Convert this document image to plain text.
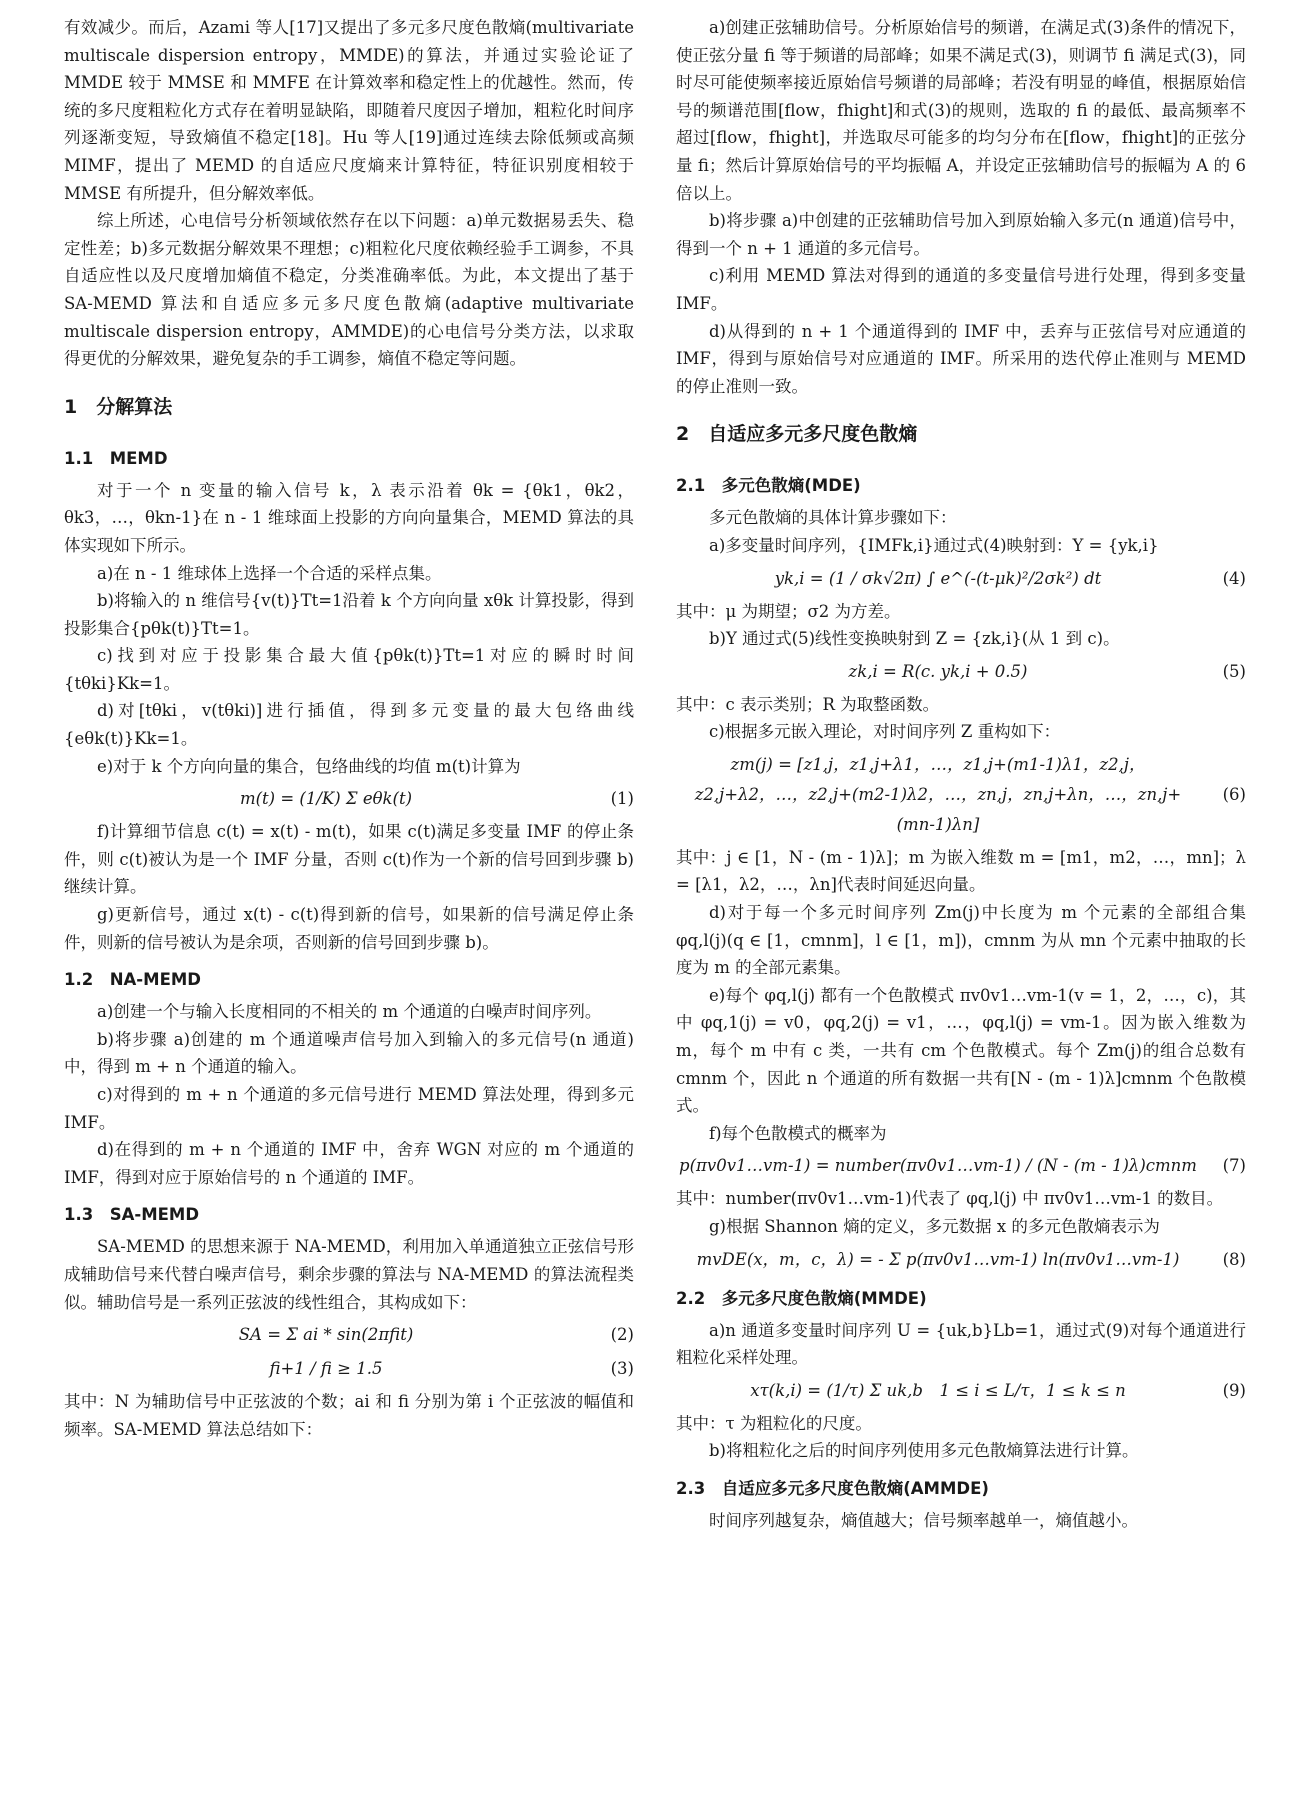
有效减少。而后，Azami 等人[17]又提出了多元多尺度色散熵(multivariate multiscale dispersion entropy，MMDE)的算法，并通过实验论证了 MMDE 较于 MMSE 和 MMFE 在计算效率和稳定性上的优越性。然而，传统的多尺度粗粒化方式存在着明显缺陷，即随着尺度因子增加，粗粒化时间序列逐渐变短，导致熵值不稳定[18]。Hu 等人[19]通过连续去除低频或高频 MIMF，提出了 MEMD 的自适应尺度熵来计算特征，特征识别度相较于 MMSE 有所提升，但分解效率低。

综上所述，心电信号分析领域依然存在以下问题：a)单元数据易丢失、稳定性差；b)多元数据分解效果不理想；c)粗粒化尺度依赖经验手工调参，不具自适应性以及尺度增加熵值不稳定，分类准确率低。为此，本文提出了基于 SA-MEMD 算法和自适应多元多尺度色散熵(adaptive multivariate multiscale dispersion entropy，AMMDE)的心电信号分类方法，以求取得更优的分解效果，避免复杂的手工调参，熵值不稳定等问题。

1　分解算法
1.1　MEMD

对于一个 n 变量的输入信号 k，λ 表示沿着 θk = {θk1，θk2，θk3，…，θkn-1}在 n - 1 维球面上投影的方向向量集合，MEMD 算法的具体实现如下所示。

a)在 n - 1 维球体上选择一个合适的采样点集。

b)将输入的 n 维信号{v(t)}Tt=1沿着 k 个方向向量 xθk 计算投影，得到投影集合{pθk(t)}Tt=1。

c)找到对应于投影集合最大值{pθk(t)}Tt=1对应的瞬时时间{tθki}Kk=1。

d)对[tθki，v(tθki)]进行插值，得到多元变量的最大包络曲线{eθk(t)}Kk=1。

e)对于 k 个方向向量的集合，包络曲线的均值 m(t)计算为

m(t) = (1/K) Σ eθk(t)	(1)

f)计算细节信息 c(t) = x(t) - m(t)，如果 c(t)满足多变量 IMF 的停止条件，则 c(t)被认为是一个 IMF 分量，否则 c(t)作为一个新的信号回到步骤 b)继续计算。

g)更新信号，通过 x(t) - c(t)得到新的信号，如果新的信号满足停止条件，则新的信号被认为是余项，否则新的信号回到步骤 b)。

1.2　NA-MEMD

a)创建一个与输入长度相同的不相关的 m 个通道的白噪声时间序列。

b)将步骤 a)创建的 m 个通道噪声信号加入到输入的多元信号(n 通道)中，得到 m + n 个通道的输入。

c)对得到的 m + n 个通道的多元信号进行 MEMD 算法处理，得到多元 IMF。

d)在得到的 m + n 个通道的 IMF 中，舍弃 WGN 对应的 m 个通道的 IMF，得到对应于原始信号的 n 个通道的 IMF。

1.3　SA-MEMD

SA-MEMD 的思想来源于 NA-MEMD，利用加入单通道独立正弦信号形成辅助信号来代替白噪声信号，剩余步骤的算法与 NA-MEMD 的算法流程类似。辅助信号是一系列正弦波的线性组合，其构成如下：

SA = Σ ai * sin(2πfit)	(2)
fi+1 / fi ≥ 1.5	(3)

其中：N 为辅助信号中正弦波的个数；ai 和 fi 分别为第 i 个正弦波的幅值和频率。SA-MEMD 算法总结如下：

a)创建正弦辅助信号。分析原始信号的频谱，在满足式(3)条件的情况下，使正弦分量 fi 等于频谱的局部峰；如果不满足式(3)，则调节 fi 满足式(3)，同时尽可能使频率接近原始信号频谱的局部峰；若没有明显的峰值，根据原始信号的频谱范围[flow，fhight]和式(3)的规则，选取的 fi 的最低、最高频率不超过[flow，fhight]，并选取尽可能多的均匀分布在[flow，fhight]的正弦分量 fi；然后计算原始信号的平均振幅 A，并设定正弦辅助信号的振幅为 A 的 6 倍以上。

b)将步骤 a)中创建的正弦辅助信号加入到原始输入多元(n 通道)信号中，得到一个 n + 1 通道的多元信号。

c)利用 MEMD 算法对得到的通道的多变量信号进行处理，得到多变量 IMF。

d)从得到的 n + 1 个通道得到的 IMF 中，丢弃与正弦信号对应通道的 IMF，得到与原始信号对应通道的 IMF。所采用的迭代停止准则与 MEMD 的停止准则一致。

2　自适应多元多尺度色散熵
2.1　多元色散熵(MDE)

多元色散熵的具体计算步骤如下：

a)多变量时间序列，{IMFk,i}通过式(4)映射到：Y = {yk,i}

yk,i = (1 / σk√2π) ∫ e^(-(t-μk)²/2σk²) dt	(4)

其中：μ 为期望；σ2 为方差。

b)Y 通过式(5)线性变换映射到 Z = {zk,i}(从 1 到 c)。

zk,i = R(c. yk,i + 0.5)	(5)

其中：c 表示类别；R 为取整函数。

c)根据多元嵌入理论，对时间序列 Z 重构如下：

zm(j) = [z1,j，z1,j+λ1，…，z1,j+(m1-1)λ1，z2,j，z2,j+λ2，…，z2,j+(m2-1)λ2，…，zn,j，zn,j+λn，…，zn,j+(mn-1)λn]
(6)

其中：j ∈ [1，N - (m - 1)λ]；m 为嵌入维数 m = [m1，m2，…，mn]；λ = [λ1，λ2，…，λn]代表时间延迟向量。

d)对于每一个多元时间序列 Zm(j)中长度为 m 个元素的全部组合集 φq,l(j)(q ∈ [1，cmnm]，l ∈ [1，m])，cmnm 为从 mn 个元素中抽取的长度为 m 的全部元素集。

e)每个 φq,l(j) 都有一个色散模式 πv0v1…vm-1(v = 1，2，…，c)，其中 φq,1(j) = v0，φq,2(j) = v1，…，φq,l(j) = vm-1。因为嵌入维数为 m，每个 m 中有 c 类，一共有 cm 个色散模式。每个 Zm(j)的组合总数有 cmnm 个，因此 n 个通道的所有数据一共有[N - (m - 1)λ]cmnm 个色散模式。

f)每个色散模式的概率为

p(πv0v1…vm-1) = number(πv0v1…vm-1) / (N - (m - 1)λ)cmnm	(7)

其中：number(πv0v1…vm-1)代表了 φq,l(j) 中 πv0v1…vm-1 的数目。

g)根据 Shannon 熵的定义，多元数据 x 的多元色散熵表示为

mvDE(x，m，c，λ) = - Σ p(πv0v1…vm-1) ln(πv0v1…vm-1)	(8)
2.2　多元多尺度色散熵(MMDE)

a)n 通道多变量时间序列 U = {uk,b}Lb=1，通过式(9)对每个通道进行粗粒化采样处理。

xτ(k,i) = (1/τ) Σ uk,b　1 ≤ i ≤ L/τ，1 ≤ k ≤ n	(9)

其中：τ 为粗粒化的尺度。

b)将粗粒化之后的时间序列使用多元色散熵算法进行计算。

2.3　自适应多元多尺度色散熵(AMMDE)

时间序列越复杂，熵值越大；信号频率越单一，熵值越小。
